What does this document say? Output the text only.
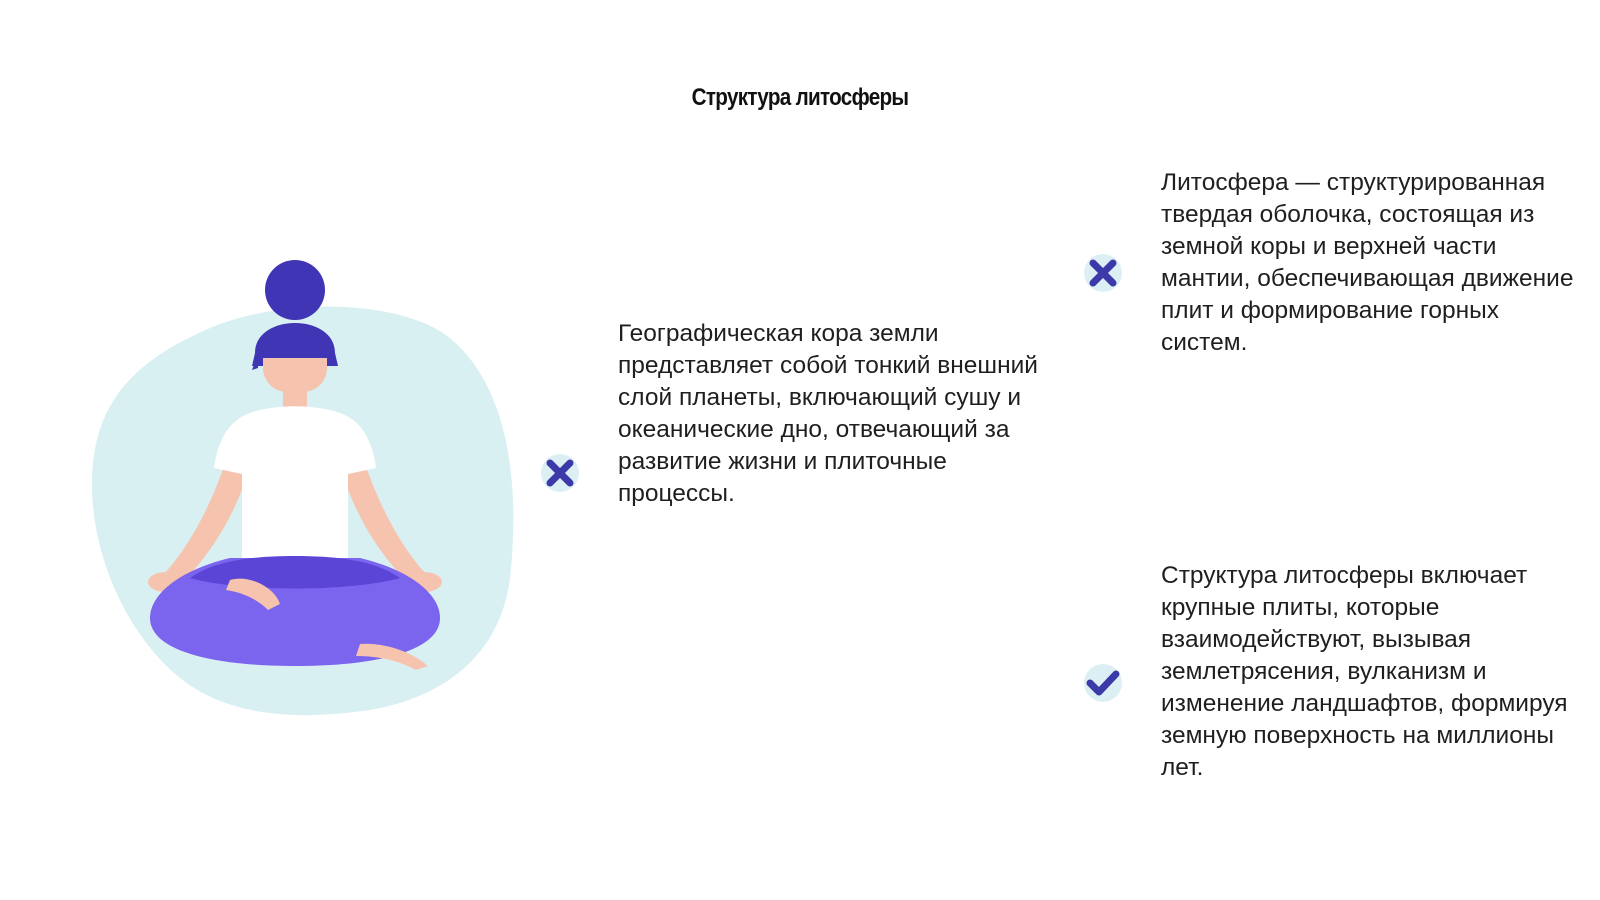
Структура литосферы

Географическая кора земли представляет собой тонкий внешний слой планеты, включающий сушу и океанические дно, отвечающий за развитие жизни и плиточные процессы.

Литосфера — структурированная твердая оболочка, состоящая из земной коры и верхней части мантии, обеспечивающая движение плит и формирование горных систем.

Структура литосферы включает крупные плиты, которые взаимодействуют, вызывая землетрясения, вулканизм и изменение ландшафтов, формируя земную поверхность на миллионы лет.
